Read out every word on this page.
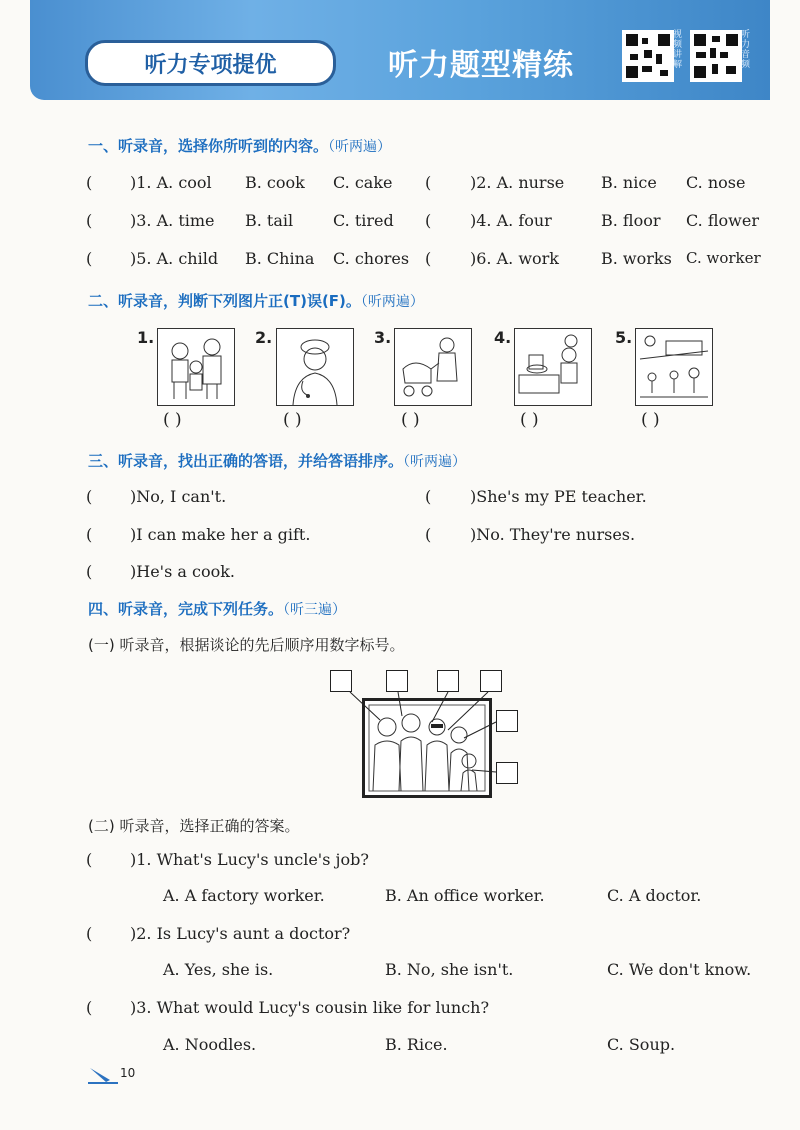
听力专项提优	听力题型精练
视频讲解
听力音频
一、听录音，选择你所听到的内容。（听两遍）
( )1. A. cool B. cook C. cake ( )2. A. nurse B. nice C. nose
( )3. A. time B. tail C. tired ( )4. A. four	B. floor C. flower
( )5. A. child B. China C. chores ( )6. A. work	B. works C. worker
二、听录音，判断下列图片正(T)误(F)。（听两遍）
1.
( )
2.
( )
3.
( )
4.
( )
5.
( )
三、听录音，找出正确的答语，并给答语排序。（听两遍）
( )No, I can't.	( )She's my PE teacher.
( )I can make her a gift.	( )No. They're nurses.
( )He's a cook.
四、听录音，完成下列任务。（听三遍）
(一) 听录音，根据谈论的先后顺序用数字标号。
(二) 听录音，选择正确的答案。
( )1. What's Lucy's uncle's job?
A. A factory worker.	B. An office worker.	C. A doctor.
( )2. Is Lucy's aunt a doctor?
A. Yes, she is.	B. No, she isn't.	C. We don't know.
( )3. What would Lucy's cousin like for lunch?
A. Noodles.	B. Rice.	C. Soup.
10
